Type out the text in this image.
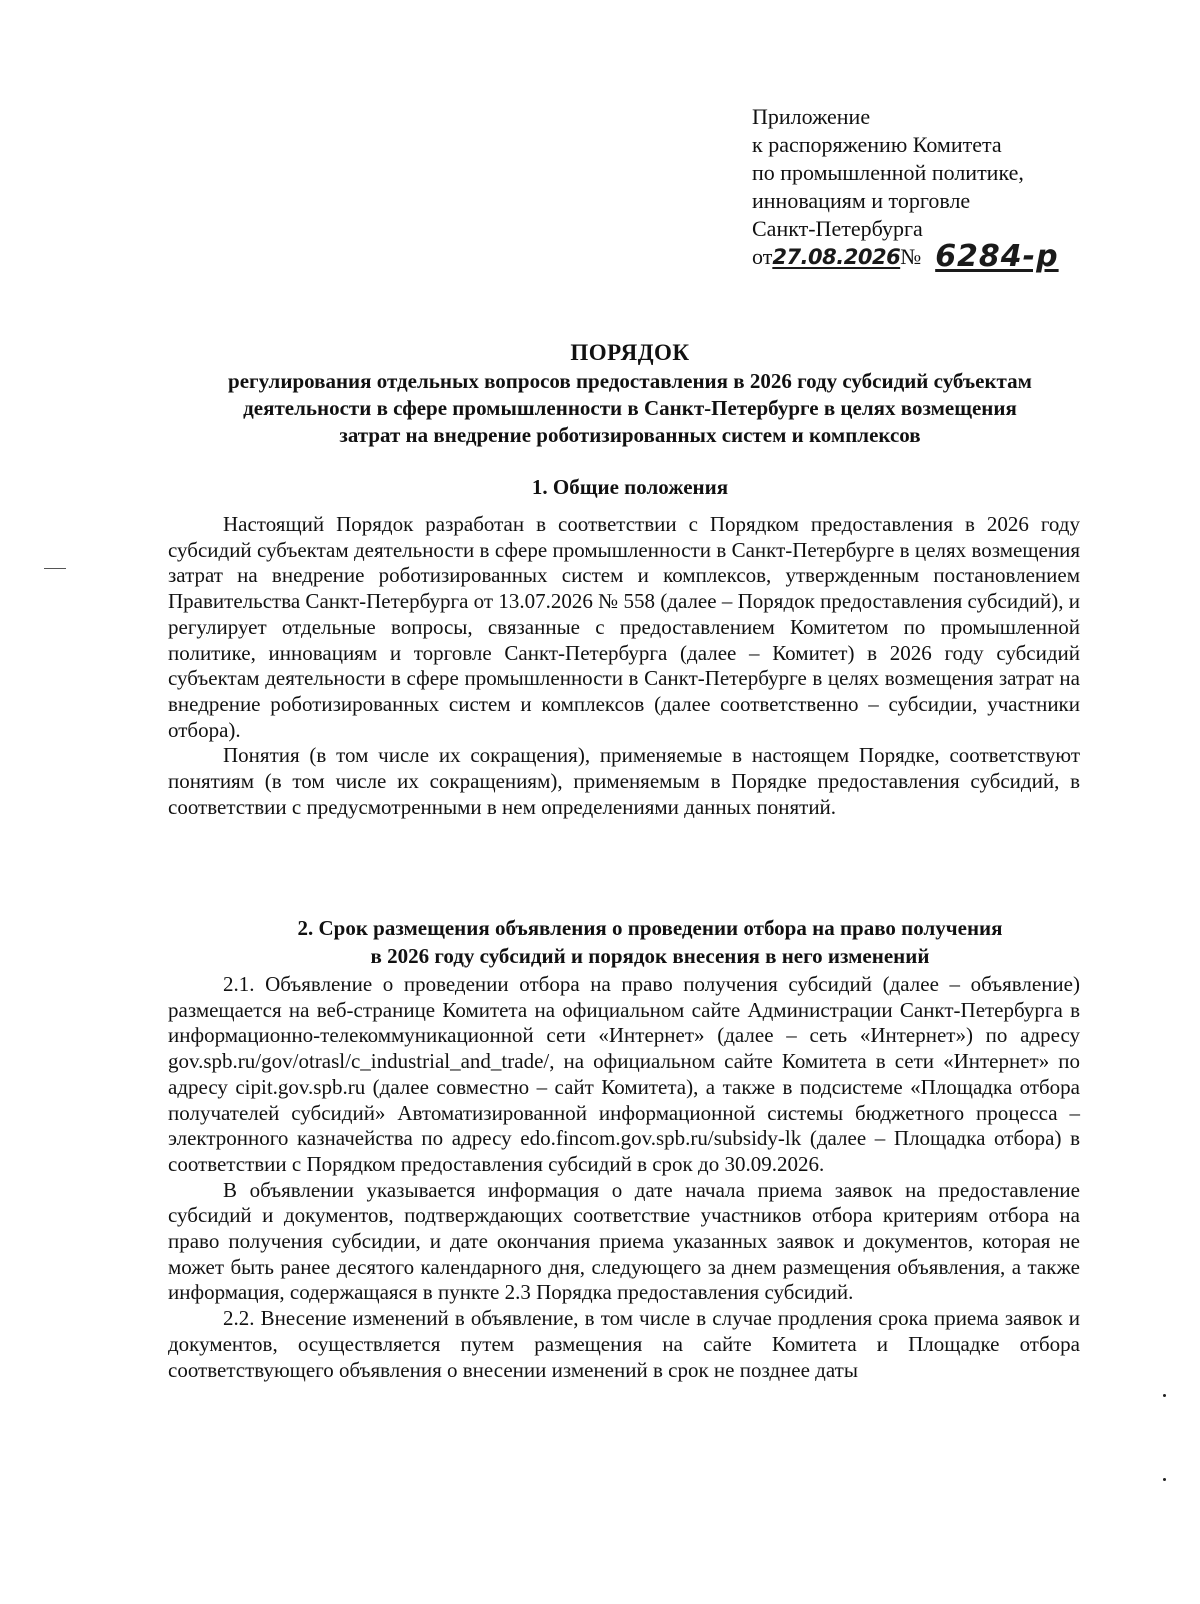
Приложение
к распоряжению Комитета
по промышленной политике,
инновациям и торговле
Санкт-Петербурга
от 27.08.2026 № 6284-р
ПОРЯДОК
регулирования отдельных вопросов предоставления в 2026 году субсидий субъектам
деятельности в сфере промышленности в Санкт-Петербурге в целях возмещения
затрат на внедрение роботизированных систем и комплексов
1. Общие положения

Настоящий Порядок разработан в соответствии с Порядком предоставления в 2026 году субсидий субъектам деятельности в сфере промышленности в Санкт-Петербурге в целях возмещения затрат на внедрение роботизированных систем и комплексов, утвержденным постановлением Правительства Санкт-Петербурга от 13.07.2026 № 558 (далее – Порядок предоставления субсидий), и регулирует отдельные вопросы, связанные с предоставлением Комитетом по промышленной политике, инновациям и торговле Санкт-Петербурга (далее – Комитет) в 2026 году субсидий субъектам деятельности в сфере промышленности в Санкт-Петербурге в целях возмещения затрат на внедрение роботизированных систем и комплексов (далее соответственно – субсидии, участники отбора).

Понятия (в том числе их сокращения), применяемые в настоящем Порядке, соответствуют понятиям (в том числе их сокращениям), применяемым в Порядке предоставления субсидий, в соответствии с предусмотренными в нем определениями данных понятий.

2. Срок размещения объявления о проведении отбора на право получения
в 2026 году субсидий и порядок внесения в него изменений

2.1. Объявление о проведении отбора на право получения субсидий (далее – объявление) размещается на веб-странице Комитета на официальном сайте Администрации Санкт-Петербурга в информационно-телекоммуникационной сети «Интернет» (далее – сеть «Интернет») по адресу gov.spb.ru/gov/otrasl/c_industrial_and_trade/, на официальном сайте Комитета в сети «Интернет» по адресу cipit.gov.spb.ru (далее совместно – сайт Комитета), а также в подсистеме «Площадка отбора получателей субсидий» Автоматизированной информационной системы бюджетного процесса – электронного казначейства по адресу edo.fincom.gov.spb.ru/subsidy-lk (далее – Площадка отбора) в соответствии с Порядком предоставления субсидий в срок до 30.09.2026.

В объявлении указывается информация о дате начала приема заявок на предоставление субсидий и документов, подтверждающих соответствие участников отбора критериям отбора на право получения субсидии, и дате окончания приема указанных заявок и документов, которая не может быть ранее десятого календарного дня, следующего за днем размещения объявления, а также информация, содержащаяся в пункте 2.3 Порядка предоставления субсидий.

2.2. Внесение изменений в объявление, в том числе в случае продления срока приема заявок и документов, осуществляется путем размещения на сайте Комитета и Площадке отбора соответствующего объявления о внесении изменений в срок не позднее даты
